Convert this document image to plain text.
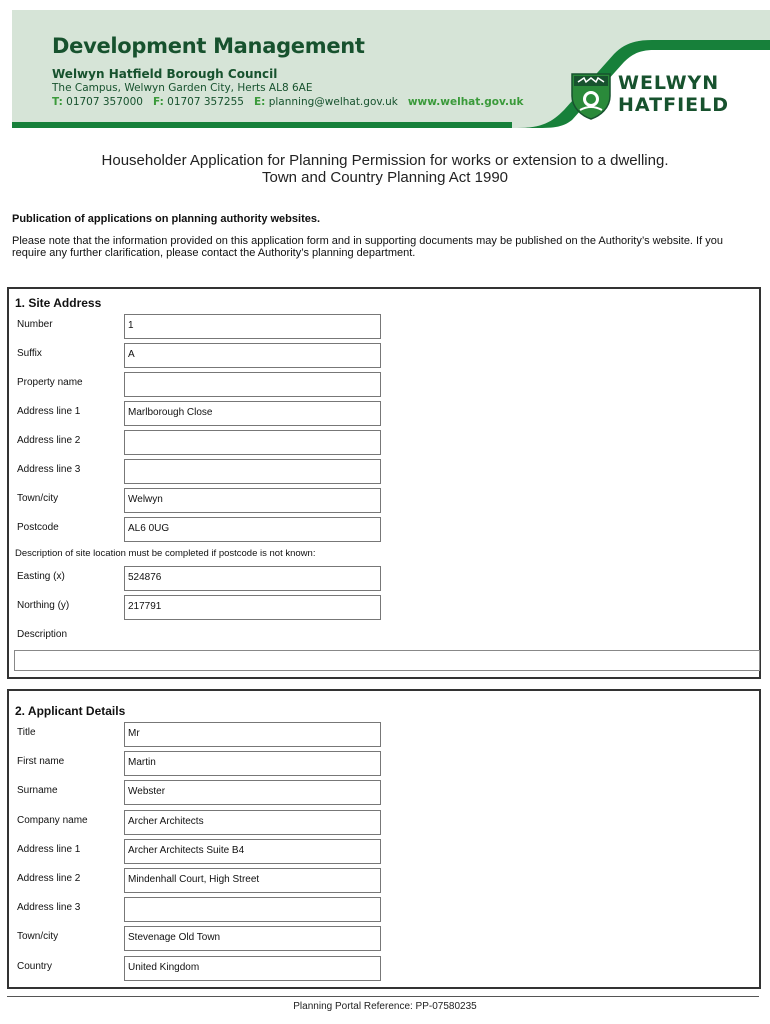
Development Management
Welwyn Hatfield Borough Council
The Campus, Welwyn Garden City, Herts AL8 6AE
T: 01707 357000 F: 01707 357255 E: planning@welhat.gov.uk www.welhat.gov.uk
WELWYN
HATFIELD
Householder Application for Planning Permission for works or extension to a dwelling.
Town and Country Planning Act 1990
Publication of applications on planning authority websites.
Please note that the information provided on this application form and in supporting documents may be published on the Authority’s website. If you require any further clarification, please contact the Authority’s planning department.
1. Site Address
Number	1
Suffix	A
Property name
Address line 1	Marlborough Close
Address line 2
Address line 3
Town/city	Welwyn
Postcode	AL6 0UG
Description of site location must be completed if postcode is not known:
Easting (x)	524876
Northing (y)	217791
Description
2. Applicant Details
Title	Mr
First name	Martin
Surname	Webster
Company name	Archer Architects
Address line 1	Archer Architects Suite B4
Address line 2	Mindenhall Court, High Street
Address line 3
Town/city	Stevenage Old Town
Country	United Kingdom
Planning Portal Reference: PP-07580235
